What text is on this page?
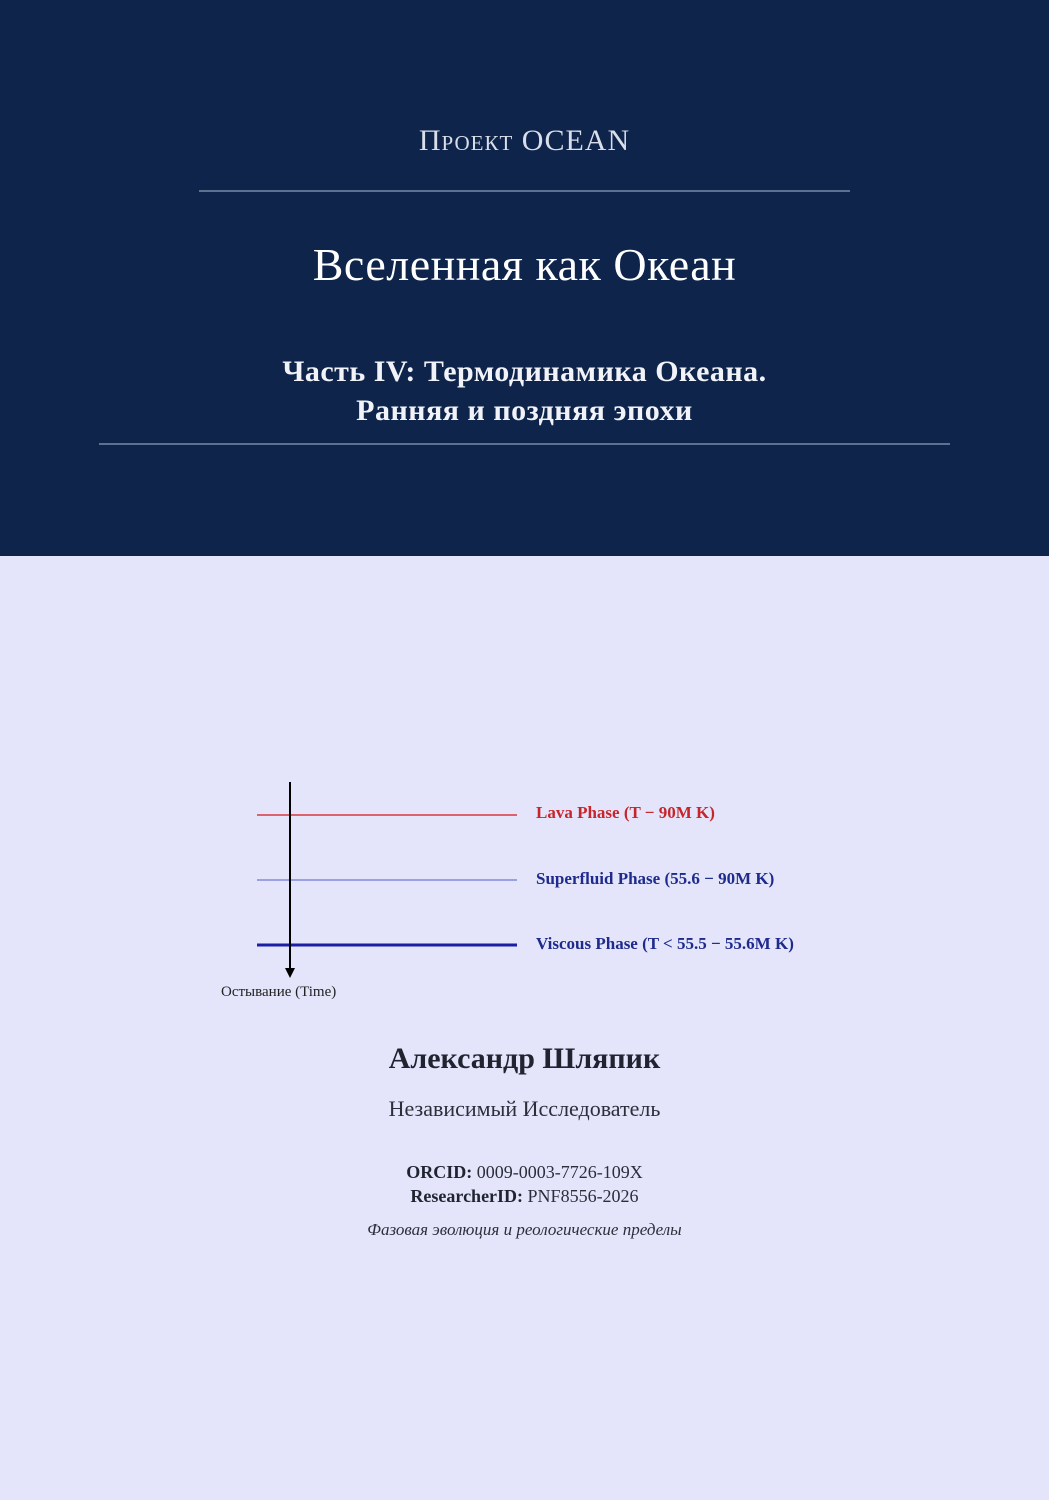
Проект OCEAN
Вселенная как Океан
Часть IV: Термодинамика Океана.
Ранняя и поздняя эпохи
Lava Phase (T − 90M K)
Superfluid Phase (55.6 − 90M K)
Viscous Phase (T < 55.5 − 55.6M K)
Остывание (Time)
Александр Шляпик
Независимый Исследователь
ORCID: 0009-0003-7726-109X
ResearcherID: PNF8556-2026
Фазовая эволюция и реологические пределы
